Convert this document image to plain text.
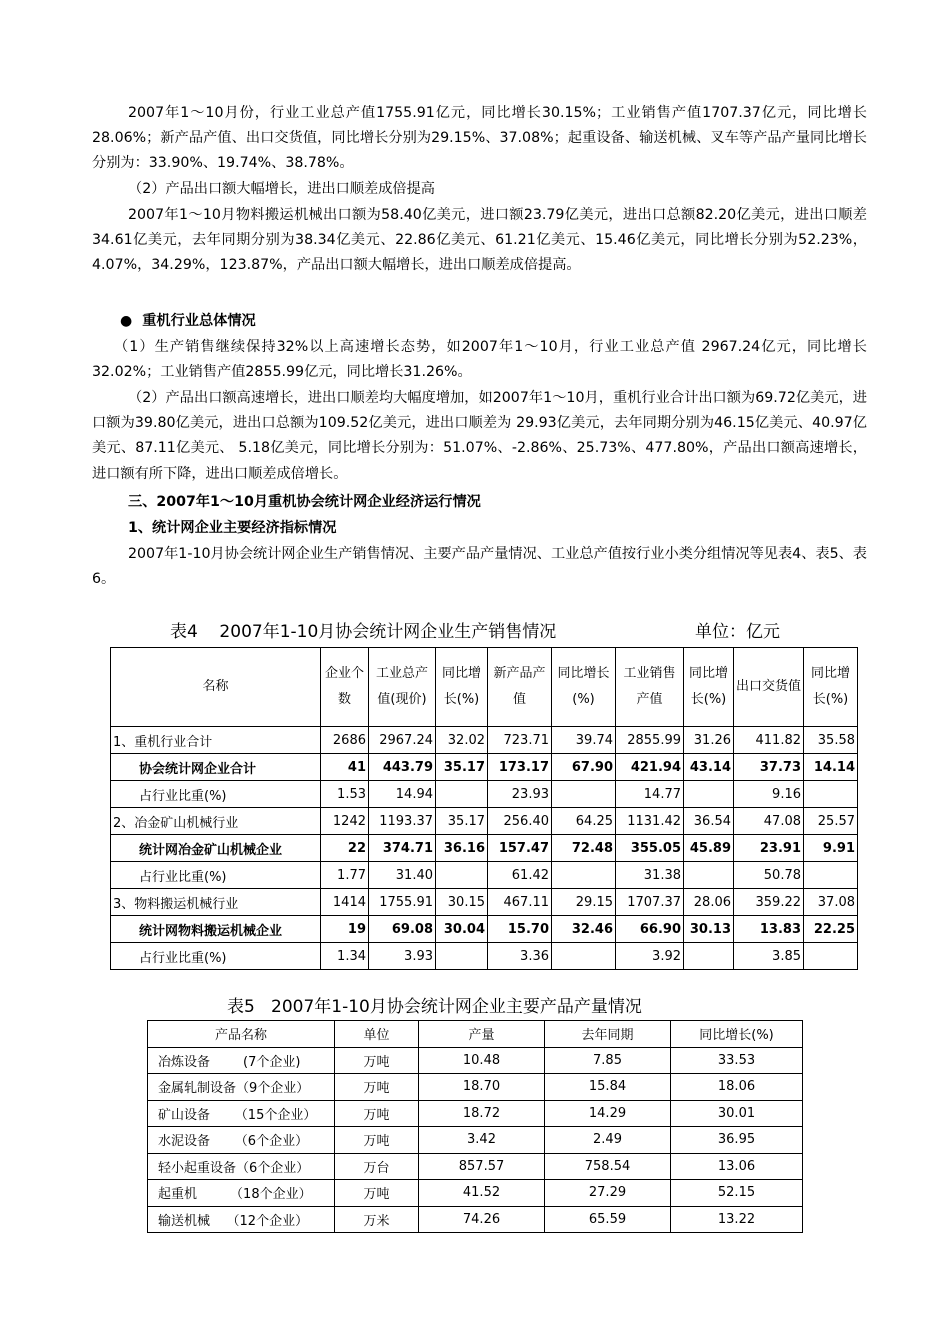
2007年1～10月份，行业工业总产值1755.91亿元，同比增长30.15%；工业销售产值1707.37亿元，同比增长28.06%；新产品产值、出口交货值，同比增长分别为29.15%、37.08%；起重设备、输送机械、叉车等产品产量同比增长分别为：33.90%、19.74%、38.78%。

（2）产品出口额大幅增长，进出口顺差成倍提高

2007年1～10月物料搬运机械出口额为58.40亿美元，进口额23.79亿美元，进出口总额82.20亿美元，进出口顺差34.61亿美元，去年同期分别为38.34亿美元、22.86亿美元、61.21亿美元、15.46亿美元，同比增长分别为52.23%，4.07%，34.29%，123.87%，产品出口额大幅增长，进出口顺差成倍提高。

● 重机行业总体情况

（1）生产销售继续保持32%以上高速增长态势，如2007年1～10月，行业工业总产值 2967.24亿元，同比增长32.02%；工业销售产值2855.99亿元，同比增长31.26%。

（2）产品出口额高速增长，进出口顺差均大幅度增加，如2007年1～10月，重机行业合计出口额为69.72亿美元，进口额为39.80亿美元，进出口总额为109.52亿美元，进出口顺差为 29.93亿美元，去年同期分别为46.15亿美元、40.97亿美元、87.11亿美元、 5.18亿美元，同比增长分别为：51.07%、-2.86%、25.73%、477.80%，产品出口额高速增长，进口额有所下降，进出口顺差成倍增长。

三、2007年1～10月重机协会统计网企业经济运行情况

1、统计网企业主要经济指标情况

2007年1-10月协会统计网企业生产销售情况、主要产品产量情况、工业总产值按行业小类分组情况等见表4、表5、表6。

表4    2007年1-10月协会统计网企业生产销售情况	单位：亿元
名称	企业个数	工业总产值(现价)	同比增长(%)	新产品产值	同比增长(%)	工业销售产值	同比增长(%)	出口交货值	同比增长(%)
1、重机行业合计	2686	2967.24	32.02	723.71	39.74	2855.99	31.26	411.82	35.58
协会统计网企业合计	41	443.79	35.17	173.17	67.90	421.94	43.14	37.73	14.14
占行业比重(%)	1.53	14.94		23.93		14.77		9.16	
2、冶金矿山机械行业	1242	1193.37	35.17	256.40	64.25	1131.42	36.54	47.08	25.57
统计网冶金矿山机械企业	22	374.71	36.16	157.47	72.48	355.05	45.89	23.91	9.91
占行业比重(%)	1.77	31.40		61.42		31.38		50.78	
3、物料搬运机械行业	1414	1755.91	30.15	467.11	29.15	1707.37	28.06	359.22	37.08
统计网物料搬运机械企业	19	69.08	30.04	15.70	32.46	66.90	30.13	13.83	22.25
占行业比重(%)	1.34	3.93		3.36		3.92		3.85	
表5   2007年1-10月协会统计网企业主要产品产量情况
产品名称	单位	产量	去年同期	同比增长(%)
冶炼设备        (7个企业)	万吨	10.48	7.85	33.53
金属轧制设备（9个企业）	万吨	18.70	15.84	18.06
矿山设备      （15个企业）	万吨	18.72	14.29	30.01
水泥设备      （6个企业）	万吨	3.42	2.49	36.95
轻小起重设备（6个企业）	万台	857.57	758.54	13.06
起重机        （18个企业）	万吨	41.52	27.29	52.15
输送机械    （12个企业）	万米	74.26	65.59	13.22
